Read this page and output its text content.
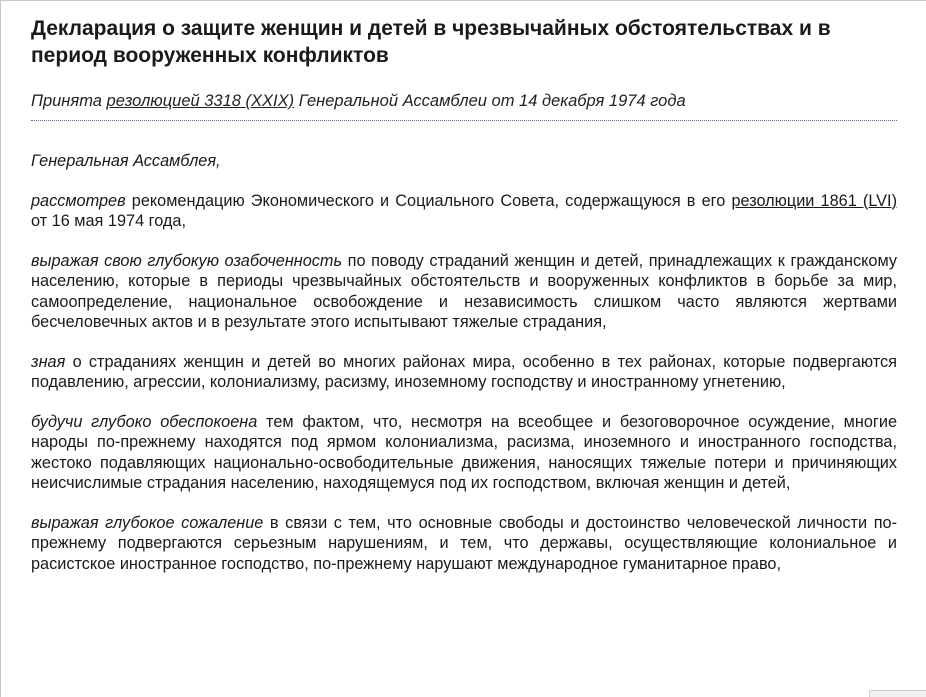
Декларация о защите женщин и детей в чрезвычайных обстоятельствах и в период вооруженных конфликтов

Принята резолюцией 3318 (XXIX) Генеральной Ассамблеи от 14 декабря 1974 года

Генеральная Ассамблея,

рассмотрев рекомендацию Экономического и Социального Совета, содержащуюся в его резолюции 1861 (LVI) от 16 мая 1974 года,

выражая свою глубокую озабоченность по поводу страданий женщин и детей, принадлежащих к гражданскому населению, которые в периоды чрезвычайных обстоятельств и вооруженных конфликтов в борьбе за мир, самоопределение, национальное освобождение и независимость слишком часто являются жертвами бесчеловечных актов и в результате этого испытывают тяжелые страдания,

зная о страданиях женщин и детей во многих районах мира, особенно в тех районах, которые подвергаются подавлению, агрессии, колониализму, расизму, иноземному господству и иностранному угнетению,

будучи глубоко обеспокоена тем фактом, что, несмотря на всеобщее и безоговорочное осуждение, многие народы по-прежнему находятся под ярмом колониализма, расизма, иноземного и иностранного господства, жестоко подавляющих национально-освободительные движения, наносящих тяжелые потери и причиняющих неисчислимые страдания населению, находящемуся под их господством, включая женщин и детей,

выражая глубокое сожаление в связи с тем, что основные свободы и достоинство человеческой личности по-прежнему подвергаются серьезным нарушениям, и тем, что державы, осуществляющие колониальное и расистское иностранное господство, по-прежнему нарушают международное гуманитарное право,
